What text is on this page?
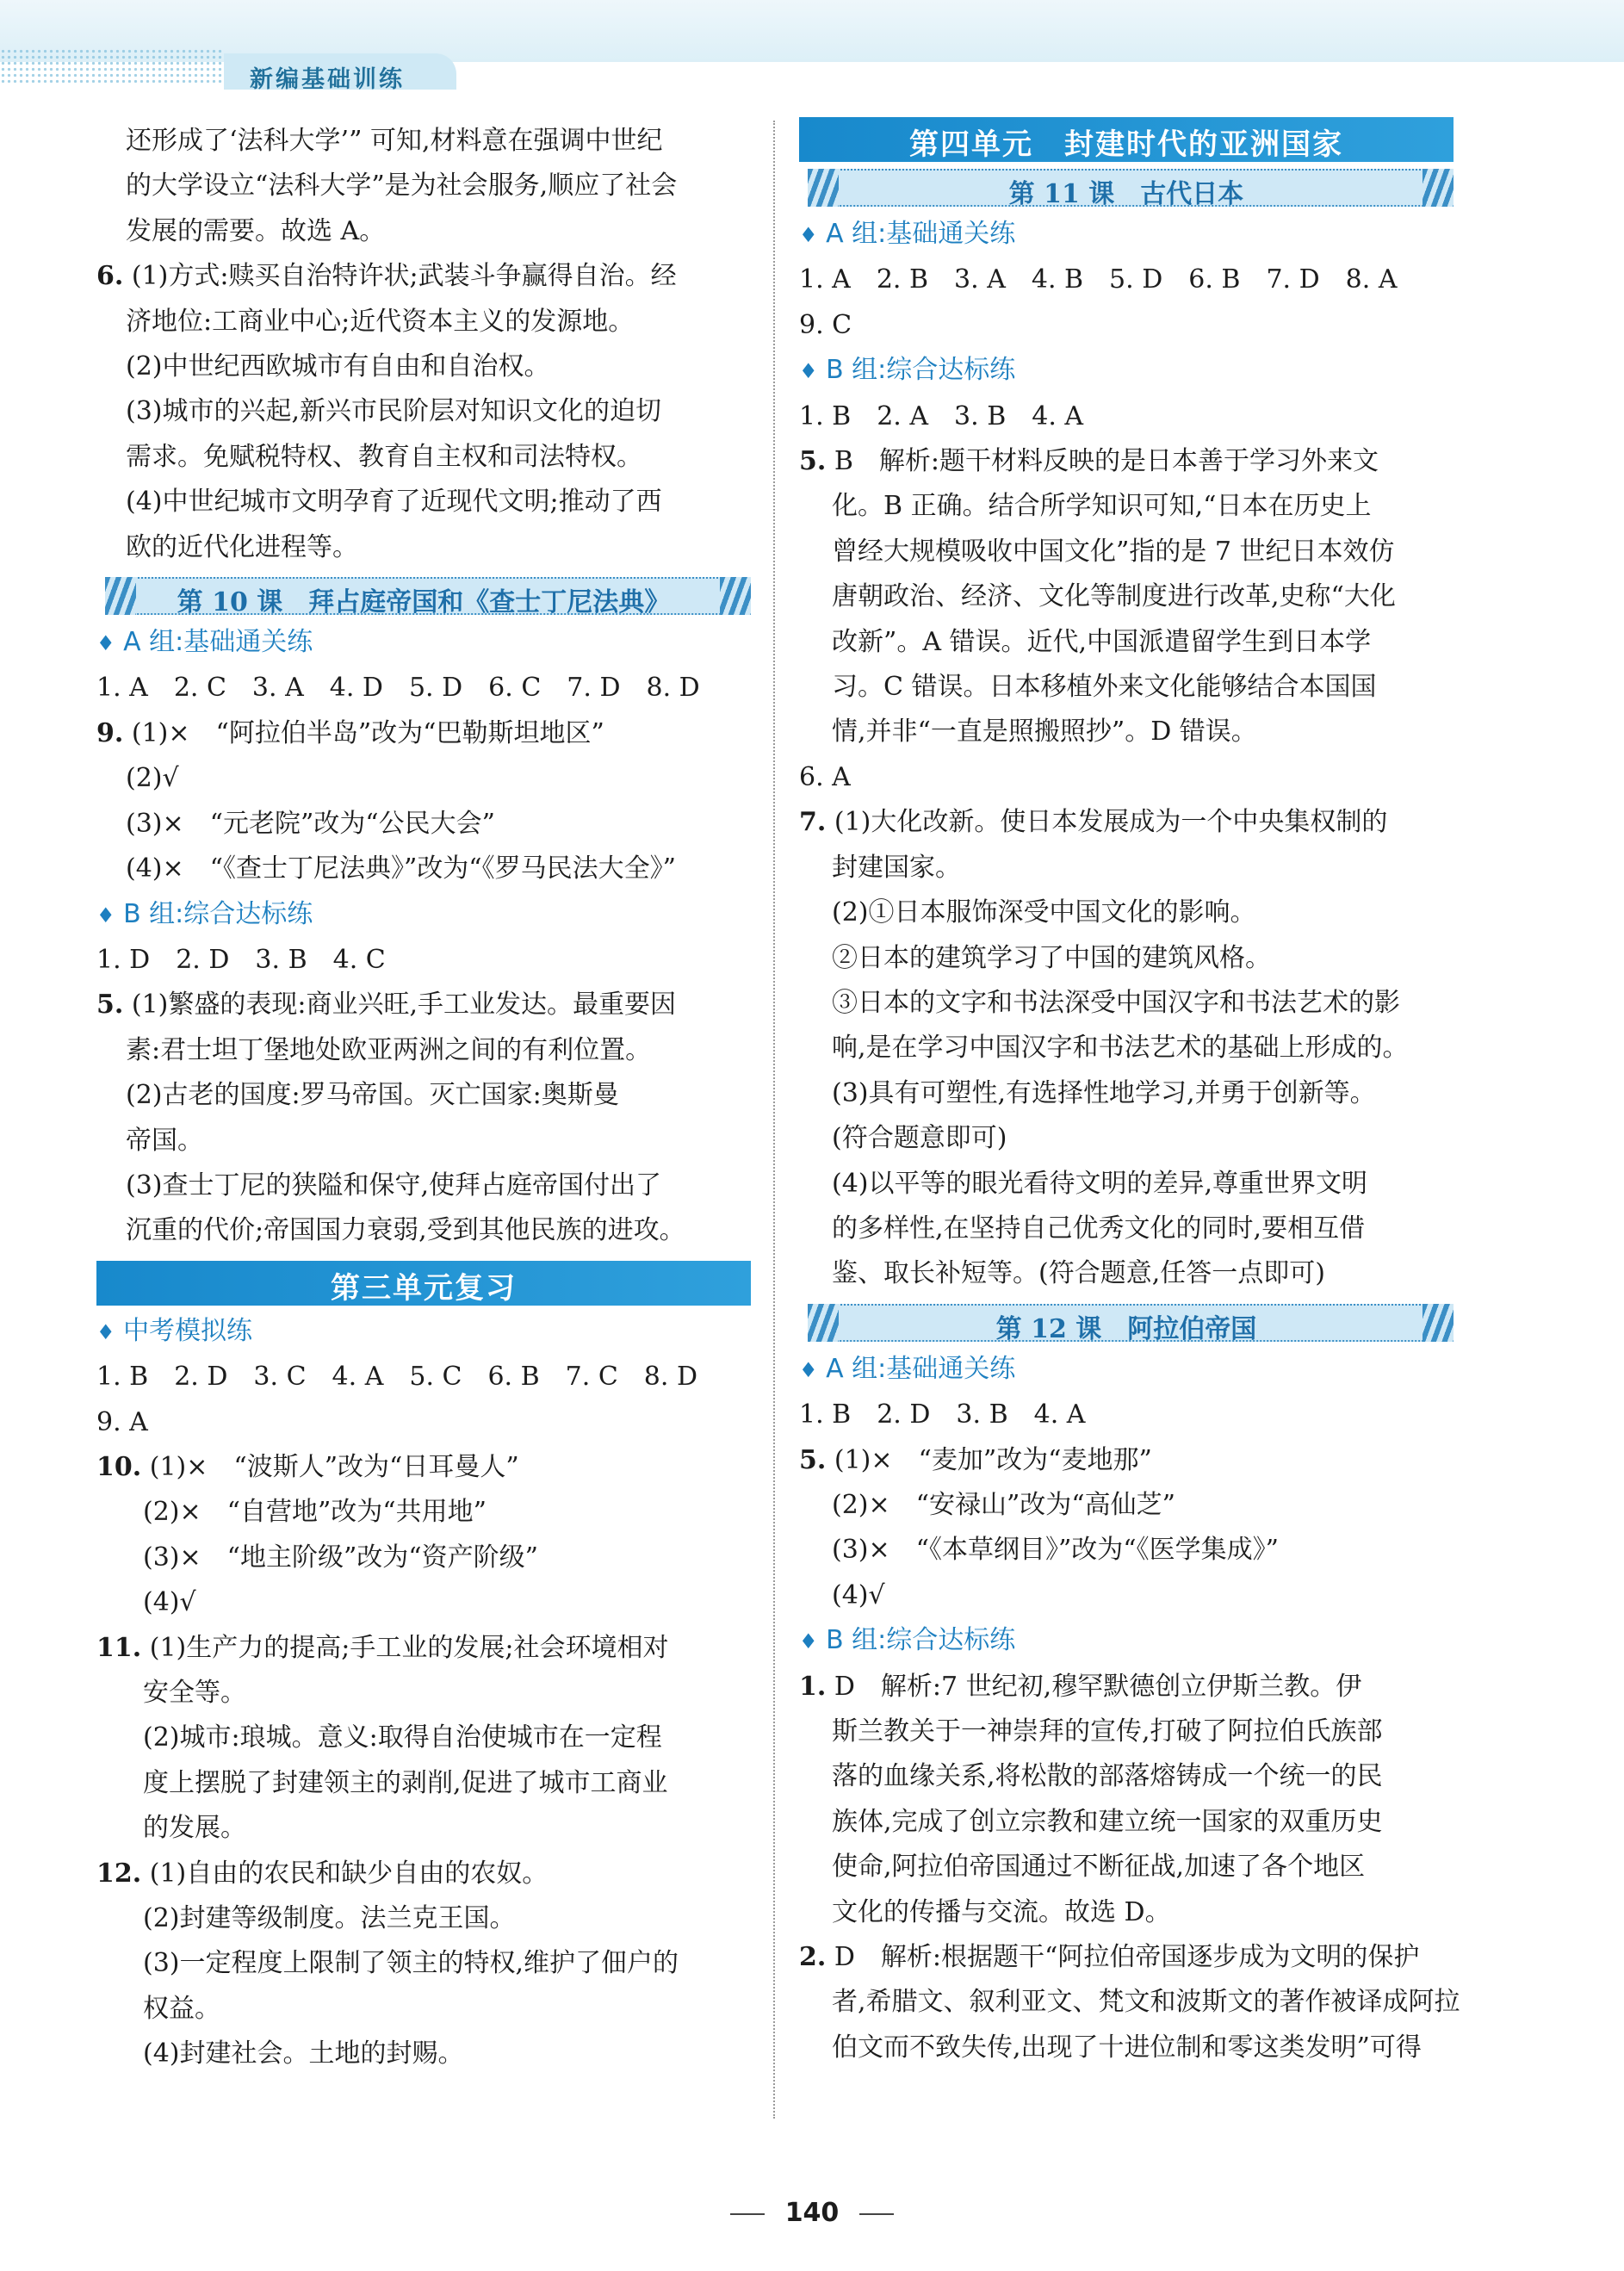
新编基础训练
还形成了‘法科大学’” 可知,材料意在强调中世纪
的大学设立“法科大学”是为社会服务,顺应了社会
发展的需要。故选 A。
6. (1)方式:赎买自治特许状;武装斗争赢得自治。经
济地位:工商业中心;近代资本主义的发源地。
(2)中世纪西欧城市有自由和自治权。
(3)城市的兴起,新兴市民阶层对知识文化的迫切
需求。免赋税特权、教育自主权和司法特权。
(4)中世纪城市文明孕育了近现代文明;推动了西
欧的近代化进程等。
第 10 课　拜占庭帝国和《查士丁尼法典》
♦ A 组:基础通关练
1. A　2. C　3. A　4. D　5. D　6. C　7. D　8. D
9. (1)×　“阿拉伯半岛”改为“巴勒斯坦地区”
(2)√
(3)×　“元老院”改为“公民大会”
(4)×　“《查士丁尼法典》”改为“《罗马民法大全》”
♦ B 组:综合达标练
1. D　2. D　3. B　4. C
5. (1)繁盛的表现:商业兴旺,手工业发达。最重要因
素:君士坦丁堡地处欧亚两洲之间的有利位置。
(2)古老的国度:罗马帝国。灭亡国家:奥斯曼
帝国。
(3)查士丁尼的狭隘和保守,使拜占庭帝国付出了
沉重的代价;帝国国力衰弱,受到其他民族的进攻。
第三单元复习
♦ 中考模拟练
1. B　2. D　3. C　4. A　5. C　6. B　7. C　8. D
9. A
10. (1)×　“波斯人”改为“日耳曼人”
(2)×　“自营地”改为“共用地”
(3)×　“地主阶级”改为“资产阶级”
(4)√
11. (1)生产力的提高;手工业的发展;社会环境相对
安全等。
(2)城市:琅城。意义:取得自治使城市在一定程
度上摆脱了封建领主的剥削,促进了城市工商业
的发展。
12. (1)自由的农民和缺少自由的农奴。
(2)封建等级制度。法兰克王国。
(3)一定程度上限制了领主的特权,维护了佃户的
权益。
(4)封建社会。土地的封赐。
第四单元　封建时代的亚洲国家
第 11 课　古代日本
♦ A 组:基础通关练
1. A　2. B　3. A　4. B　5. D　6. B　7. D　8. A
9. C
♦ B 组:综合达标练
1. B　2. A　3. B　4. A
5. B　解析:题干材料反映的是日本善于学习外来文
化。B 正确。结合所学知识可知,“日本在历史上
曾经大规模吸收中国文化”指的是 7 世纪日本效仿
唐朝政治、经济、文化等制度进行改革,史称“大化
改新”。A 错误。近代,中国派遣留学生到日本学
习。C 错误。日本移植外来文化能够结合本国国
情,并非“一直是照搬照抄”。D 错误。
6. A
7. (1)大化改新。使日本发展成为一个中央集权制的
封建国家。
(2)①日本服饰深受中国文化的影响。
②日本的建筑学习了中国的建筑风格。
③日本的文字和书法深受中国汉字和书法艺术的影
响,是在学习中国汉字和书法艺术的基础上形成的。
(3)具有可塑性,有选择性地学习,并勇于创新等。
(符合题意即可)
(4)以平等的眼光看待文明的差异,尊重世界文明
的多样性,在坚持自己优秀文化的同时,要相互借
鉴、取长补短等。(符合题意,任答一点即可)
第 12 课　阿拉伯帝国
♦ A 组:基础通关练
1. B　2. D　3. B　4. A
5. (1)×　“麦加”改为“麦地那”
(2)×　“安禄山”改为“高仙芝”
(3)×　“《本草纲目》”改为“《医学集成》”
(4)√
♦ B 组:综合达标练
1. D　解析:7 世纪初,穆罕默德创立伊斯兰教。伊
斯兰教关于一神崇拜的宣传,打破了阿拉伯氏族部
落的血缘关系,将松散的部落熔铸成一个统一的民
族体,完成了创立宗教和建立统一国家的双重历史
使命,阿拉伯帝国通过不断征战,加速了各个地区
文化的传播与交流。故选 D。
2. D　解析:根据题干“阿拉伯帝国逐步成为文明的保护
者,希腊文、叙利亚文、梵文和波斯文的著作被译成阿拉
伯文而不致失传,出现了十进位制和零这类发明”可得
140
